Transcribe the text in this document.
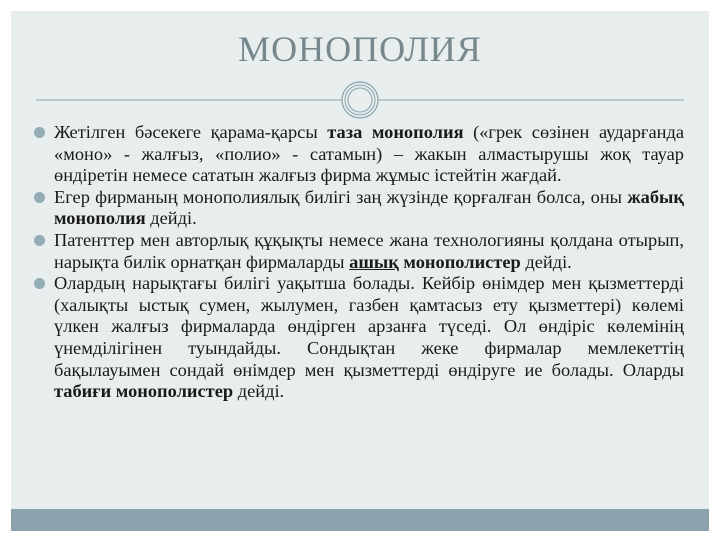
МОНОПОЛИЯ
Жетілген бәсекеге қарама-қарсы таза монополия («грек сөзінен аударғанда «моно» - жалғыз, «полио» - сатамын) – жакын алмастырушы жоқ тауар өндіретін немесе сататын жалғыз фирма жұмыс істейтін жағдай.
Егер фирманың монополиялық билігі заң жүзінде қорғалған болса, оны жабық монополия дейді.
Патенттер мен авторлық құқықты немесе жана технологияны қолдана отырып, нарықта билік орнатқан фирмаларды ашық монополистер дейді.
Олардың нарықтағы билігі уақытша болады. Кейбір өнімдер мен қызметтерді (халықты ыстық сумен, жылумен, газбен қамтасыз ету қызметтері) көлемі үлкен жалғыз фирмаларда өндірген арзанға түседі. Ол өндіріс көлемінің үнемділігінен туындайды. Сондықтан жеке фирмалар мемлекеттің бақылауымен сондай өнімдер мен қызметтерді өндіруге ие болады. Оларды табиғи монополистер дейді.
